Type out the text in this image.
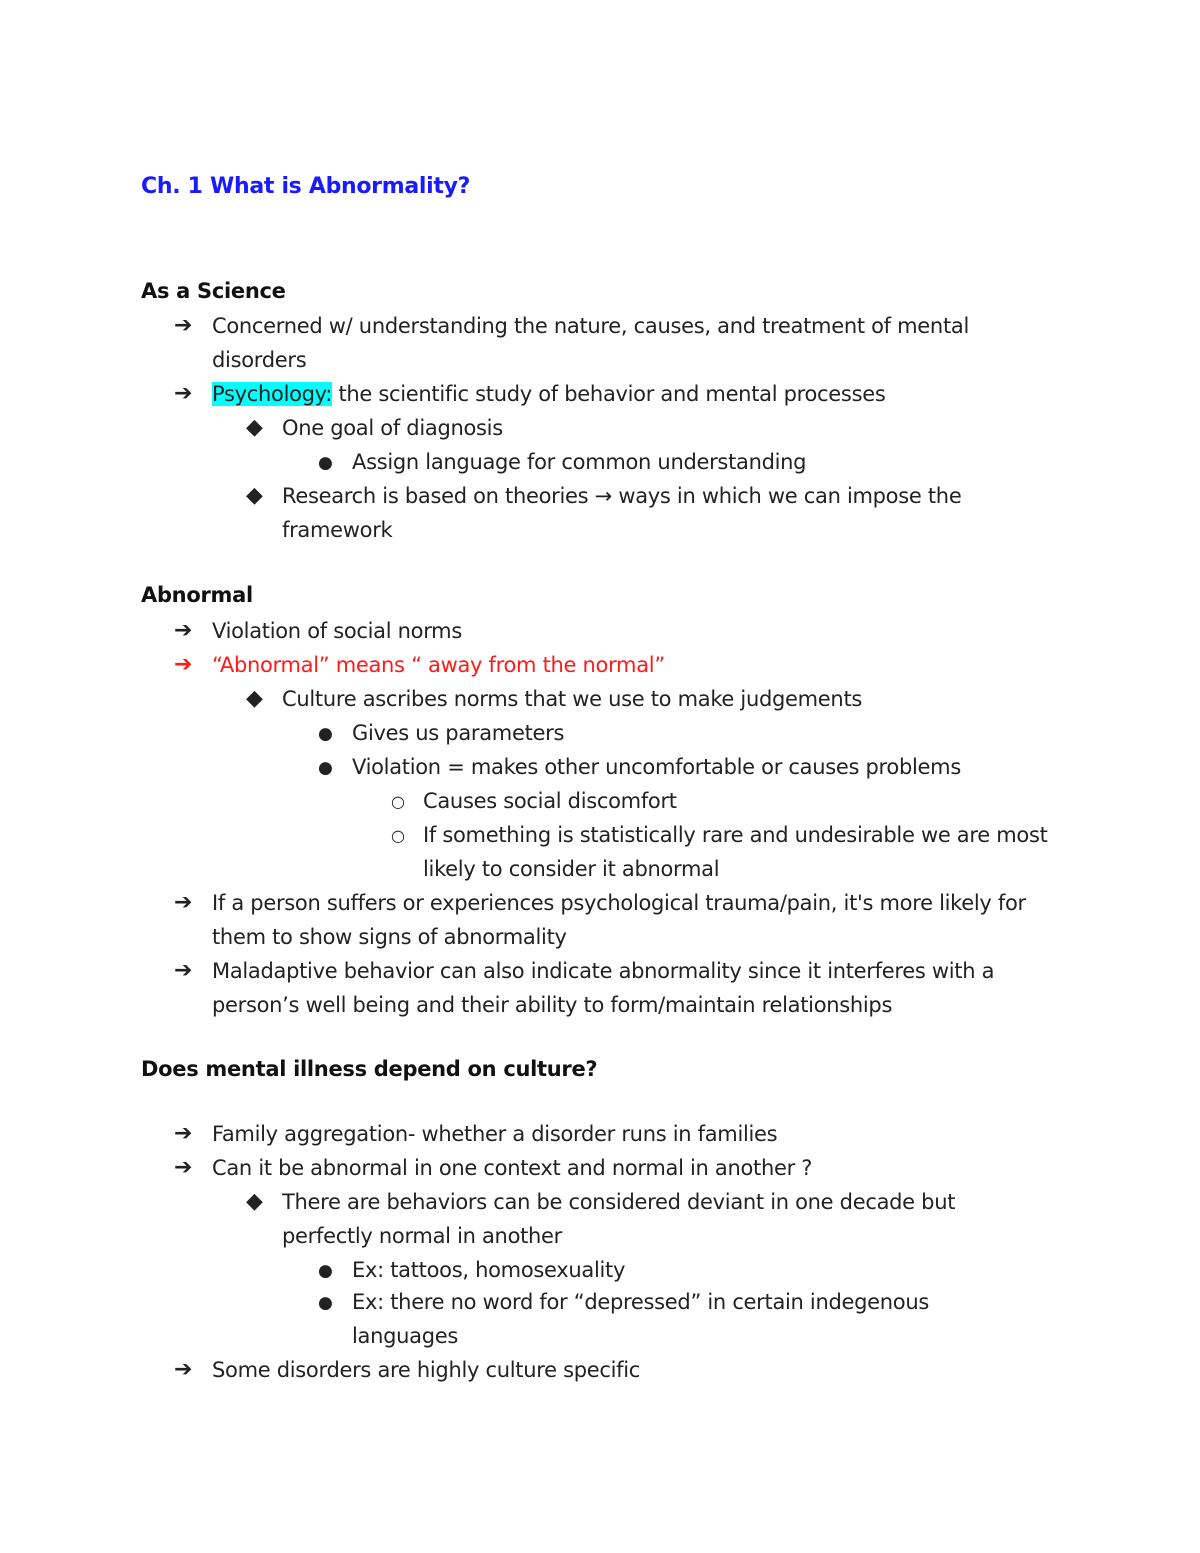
Ch. 1 What is Abnormality?
As a Science
➔ Concerned w/ understanding the nature, causes, and treatment of mental disorders
➔ Psychology: the scientific study of behavior and mental processes
◆ One goal of diagnosis
● Assign language for common understanding
◆ Research is based on theories → ways in which we can impose the framework
Abnormal
➔ Violation of social norms
➔ “Abnormal” means “ away from the normal”
◆ Culture ascribes norms that we use to make judgements
● Gives us parameters
● Violation = makes other uncomfortable or causes problems
○ Causes social discomfort
○ If something is statistically rare and undesirable we are most likely to consider it abnormal
➔ If a person suffers or experiences psychological trauma/pain, it's more likely for them to show signs of abnormality
➔ Maladaptive behavior can also indicate abnormality since it interferes with a person’s well being and their ability to form/maintain relationships
Does mental illness depend on culture?
➔ Family aggregation- whether a disorder runs in families
➔ Can it be abnormal in one context and normal in another ?
◆ There are behaviors can be considered deviant in one decade but perfectly normal in another
● Ex: tattoos, homosexuality
● Ex: there no word for “depressed” in certain indegenous languages
➔ Some disorders are highly culture specific
